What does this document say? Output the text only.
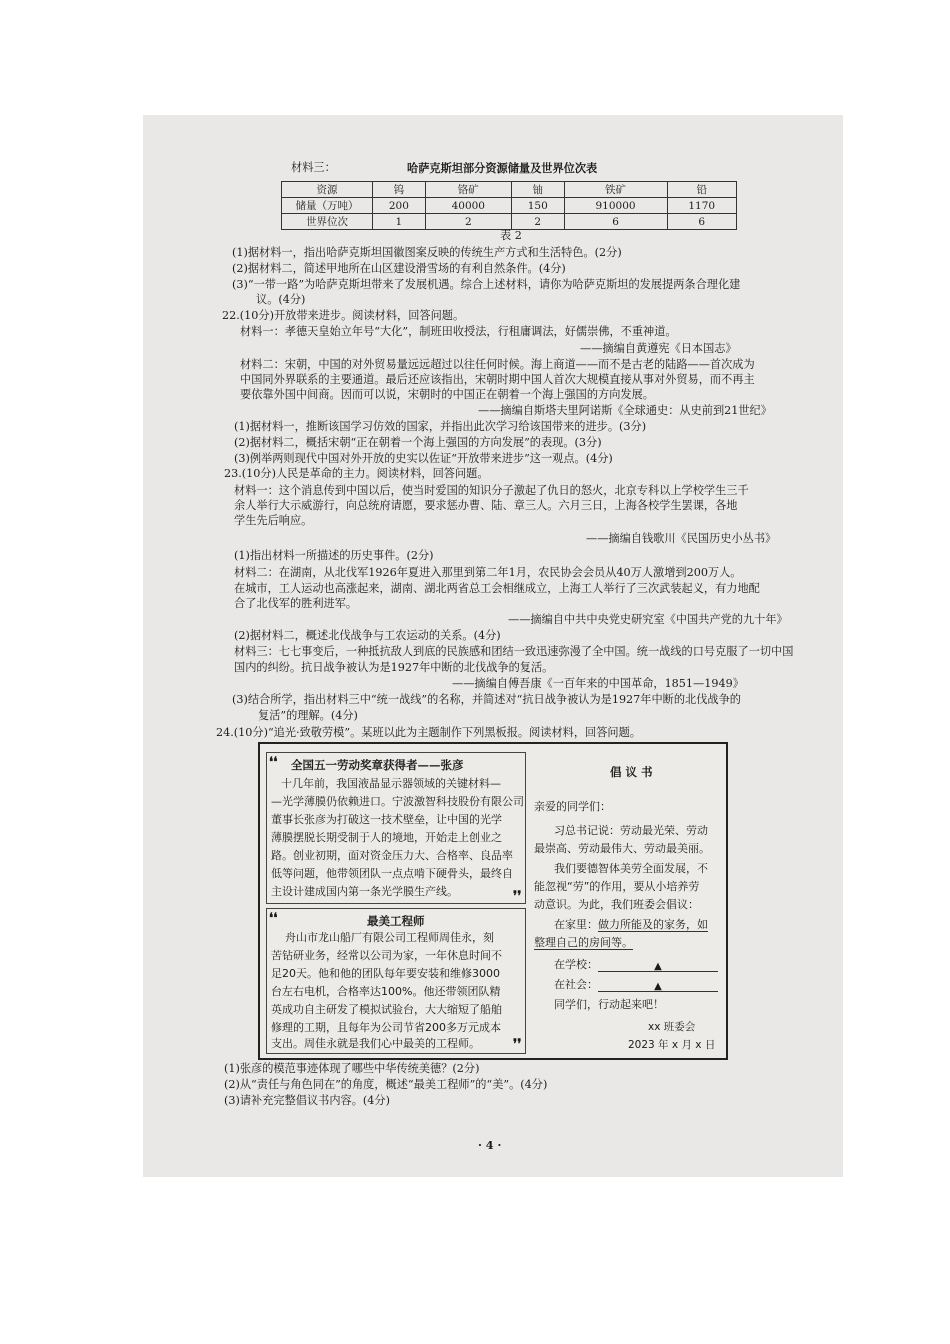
材料三：	哈萨克斯坦部分资源储量及世界位次表
资源	钨	铬矿	铀	铁矿	铅
储量（万吨）	200	40000	150	910000	1170
世界位次	1	2	2	6	6
表 2
(1)据材料一，指出哈萨克斯坦国徽图案反映的传统生产方式和生活特色。(2分)
(2)据材料二，简述甲地所在山区建设滑雪场的有利自然条件。(4分)
(3)“一带一路”为哈萨克斯坦带来了发展机遇。综合上述材料，请你为哈萨克斯坦的发展提两条合理化建
议。(4分)
22.(10分)开放带来进步。阅读材料，回答问题。
材料一：孝德天皇始立年号“大化”，制班田收授法，行租庸调法，好儒崇佛，不重神道。
——摘编自黄遵宪《日本国志》
材料二：宋朝，中国的对外贸易量远远超过以往任何时候。海上商道——而不是古老的陆路——首次成为
中国同外界联系的主要通道。最后还应该指出，宋朝时期中国人首次大规模直接从事对外贸易，而不再主
要依靠外国中间商。因而可以说，宋朝时的中国正在朝着一个海上强国的方向发展。
——摘编自斯塔夫里阿诺斯《全球通史：从史前到21世纪》
(1)据材料一，推断该国学习仿效的国家，并指出此次学习给该国带来的进步。(3分)
(2)据材料二，概括宋朝“正在朝着一个海上强国的方向发展”的表现。(3分)
(3)例举两则现代中国对外开放的史实以佐证“开放带来进步”这一观点。(4分)
23.(10分)人民是革命的主力。阅读材料，回答问题。
材料一：这个消息传到中国以后，使当时爱国的知识分子激起了仇日的怒火，北京专科以上学校学生三千
余人举行大示威游行，向总统府请愿，要求惩办曹、陆、章三人。六月三日，上海各校学生罢课，各地
学生先后响应。
——摘编自钱歌川《民国历史小丛书》
(1)指出材料一所描述的历史事件。(2分)
材料二：在湖南，从北伐军1926年夏进入那里到第二年1月，农民协会会员从40万人激增到200万人。
在城市，工人运动也高涨起来，湖南、湖北两省总工会相继成立，上海工人举行了三次武装起义，有力地配
合了北伐军的胜利进军。
——摘编自中共中央党史研究室《中国共产党的九十年》
(2)据材料二，概述北伐战争与工农运动的关系。(4分)
材料三：七七事变后，一种抵抗敌人到底的民族感和团结一致迅速弥漫了全中国。统一战线的口号克服了一切中国
国内的纠纷。抗日战争被认为是1927年中断的北伐战争的复活。
——摘编自傅吾康《一百年来的中国革命，1851—1949》
(3)结合所学，指出材料三中“统一战线”的名称，并简述对“抗日战争被认为是1927年中断的北伐战争的
复活”的理解。(4分)
24.(10分)“追光·致敬劳模”。某班以此为主题制作下列黑板报。阅读材料，回答问题。
❛❛ 全国五一劳动奖章获得者——张彦
十几年前，我国液晶显示器领域的关键材料—
—光学薄膜仍依赖进口。宁波激智科技股份有限公司
董事长张彦为打破这一技术壁垒，让中国的光学
薄膜摆脱长期受制于人的境地，开始走上创业之
路。创业初期，面对资金压力大、合格率、良品率
低等问题，他带领团队一点点啃下硬骨头，最终自
主设计建成国内第一条光学膜生产线。	❜❜
❛❛	最美工程师
舟山市龙山船厂有限公司工程师周佳永，刻
苦钻研业务，经常以公司为家，一年休息时间不
足20天。他和他的团队每年要安装和维修3000
台左右电机，合格率达100%。他还带领团队精
英成功自主研发了模拟试验台，大大缩短了船舶
修理的工期，且每年为公司节省200多万元成本
支出。周佳永就是我们心中最美的工程师。	❜❜
倡 议 书
亲爱的同学们：
习总书记说：劳动最光荣、劳动
最崇高、劳动最伟大、劳动最美丽。
我们要德智体美劳全面发展，不
能忽视“劳”的作用，要从小培养劳
动意识。为此，我们班委会倡议：
在家里：做力所能及的家务，如
整理自己的房间等。
在学校：	▲
在社会：	▲
同学们，行动起来吧！
xx 班委会
2023 年 x 月 x 日
(1)张彦的模范事迹体现了哪些中华传统美德？(2分)
(2)从“责任与角色同在”的角度，概述“最美工程师”的“美”。(4分)
(3)请补充完整倡议书内容。(4分)
· 4 ·
